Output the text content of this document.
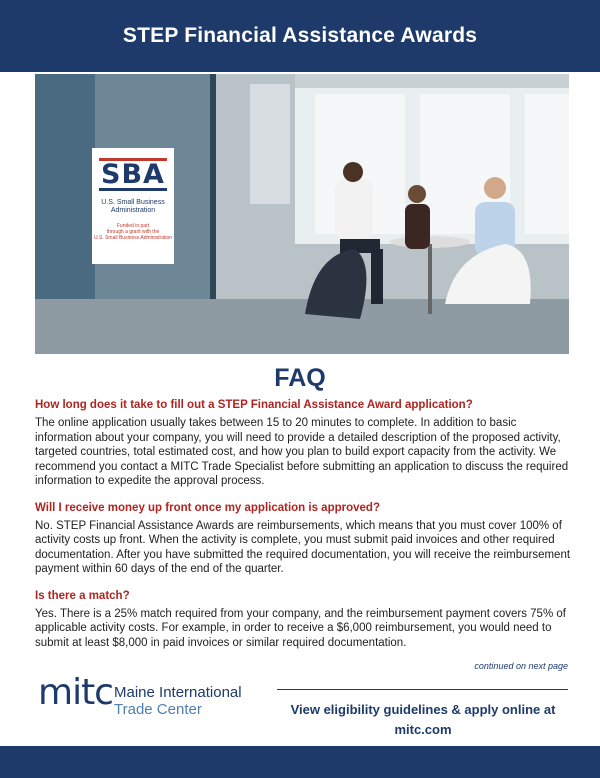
STEP Financial Assistance Awards
SBA
U.S. Small Business
Administration
Funded in part
through a grant with the
U.S. Small Business Administration
FAQ
How long does it take to fill out a STEP Financial Assistance Award application?
The online application usually takes between 15 to 20 minutes to complete. In addition to basic information about your company, you will need to provide a detailed description of the proposed activity, targeted countries, total estimated cost, and how you plan to build export capacity from the activity. We recommend you contact a MITC Trade Specialist before submitting an application to discuss the required information to expedite the approval process.
Will I receive money up front once my application is approved?
No. STEP Financial Assistance Awards are reimbursements, which means that you must cover 100% of activity costs up front. When the activity is complete, you must submit paid invoices and other required documentation. After you have submitted the required documentation, you will receive the reimbursement payment within 60 days of the end of the quarter.
Is there a match?
Yes. There is a 25% match required from your company, and the reimbursement payment covers 75% of applicable activity costs. For example, in order to receive a $6,000 reimbursement, you would need to submit at least $8,000 in paid invoices or similar required documentation.
continued on next page
mitc Maine International
Trade Center	View eligibility guidelines & apply online at
mitc.com
